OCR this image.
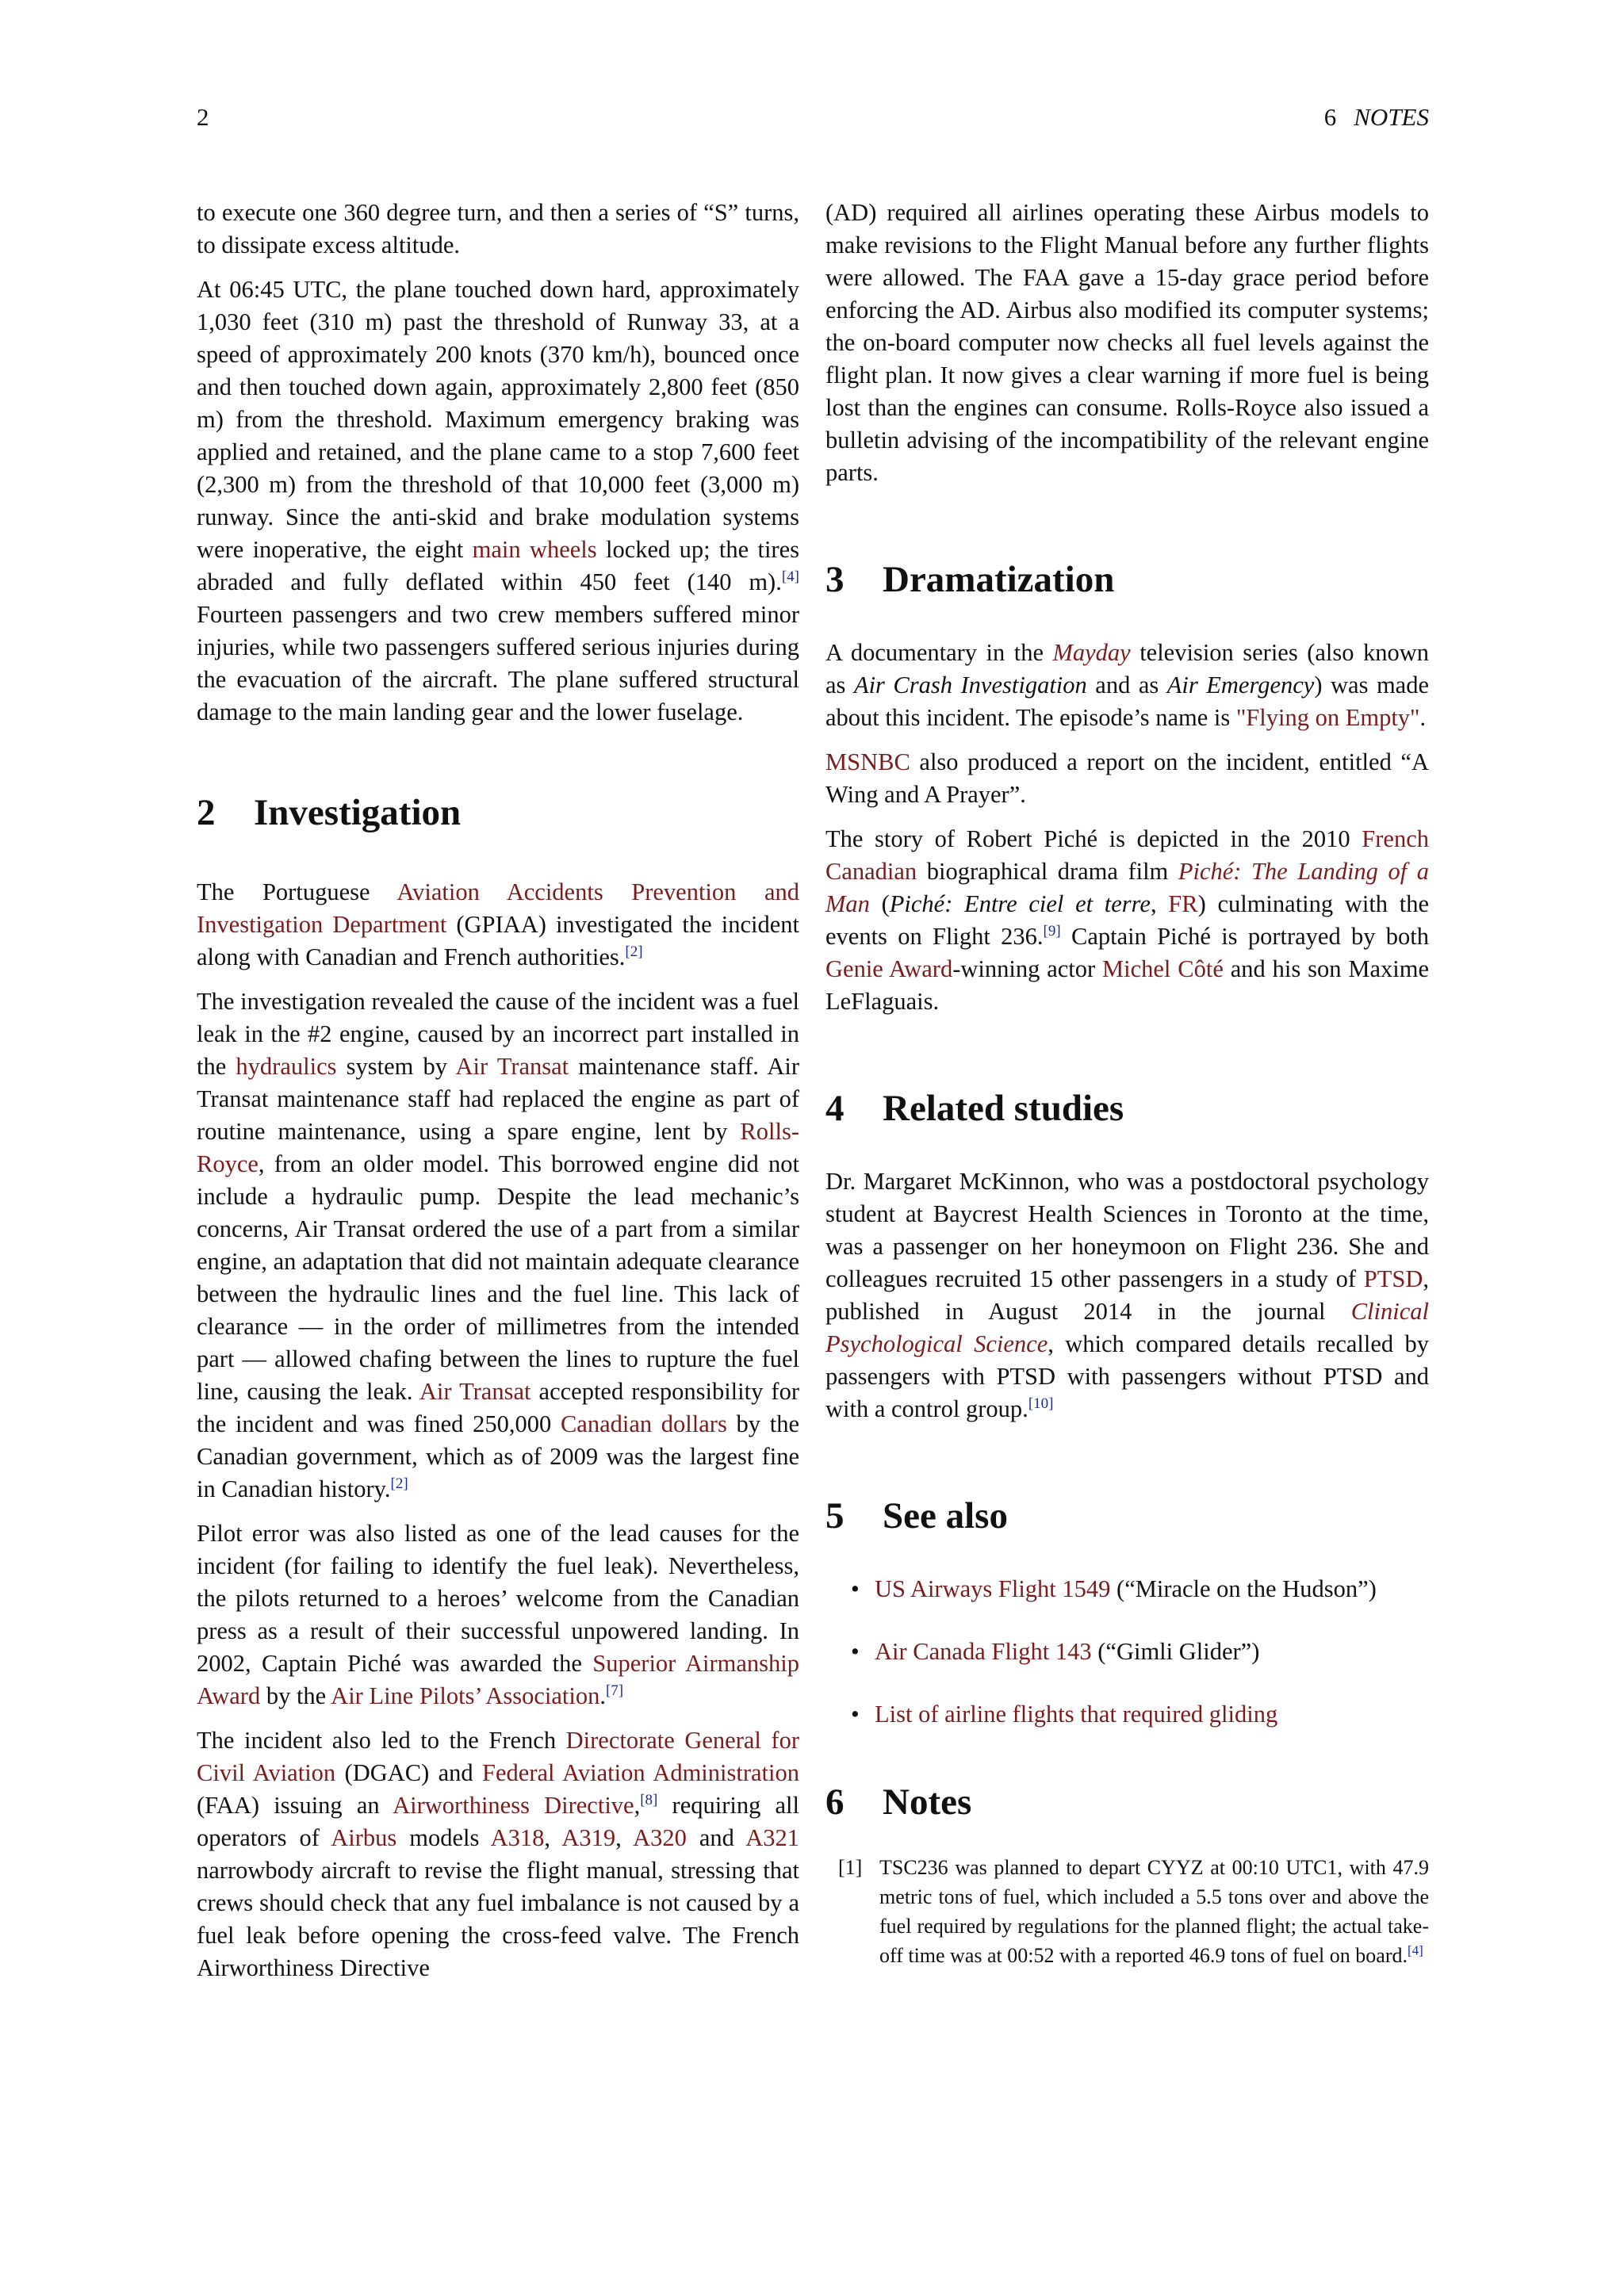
2	6 NOTES

to execute one 360 degree turn, and then a series of “S” turns, to dissipate excess altitude.

At 06:45 UTC, the plane touched down hard, approximately 1,030 feet (310 m) past the threshold of Runway 33, at a speed of approximately 200 knots (370 km/h), bounced once and then touched down again, approximately 2,800 feet (850 m) from the threshold. Maximum emergency braking was applied and retained, and the plane came to a stop 7,600 feet (2,300 m) from the threshold of that 10,000 feet (3,000 m) runway. Since the anti-skid and brake modulation systems were inoperative, the eight main wheels locked up; the tires abraded and fully deflated within 450 feet (140 m).[4] Fourteen passengers and two crew members suffered minor injuries, while two passengers suffered serious injuries during the evacuation of the aircraft. The plane suffered structural damage to the main landing gear and the lower fuselage.

2 Investigation

The Portuguese Aviation Accidents Prevention and Investigation Department (GPIAA) investigated the incident along with Canadian and French authorities.[2]

The investigation revealed the cause of the incident was a fuel leak in the #2 engine, caused by an incorrect part installed in the hydraulics system by Air Transat maintenance staff. Air Transat maintenance staff had replaced the engine as part of routine maintenance, using a spare engine, lent by Rolls-Royce, from an older model. This borrowed engine did not include a hydraulic pump. Despite the lead mechanic’s concerns, Air Transat ordered the use of a part from a similar engine, an adaptation that did not maintain adequate clearance between the hydraulic lines and the fuel line. This lack of clearance — in the order of millimetres from the intended part — allowed chafing between the lines to rupture the fuel line, causing the leak. Air Transat accepted responsibility for the incident and was fined 250,000 Canadian dollars by the Canadian government, which as of 2009 was the largest fine in Canadian history.[2]

Pilot error was also listed as one of the lead causes for the incident (for failing to identify the fuel leak). Nevertheless, the pilots returned to a heroes’ welcome from the Canadian press as a result of their successful unpowered landing. In 2002, Captain Piché was awarded the Superior Airmanship Award by the Air Line Pilots’ Association.[7]

The incident also led to the French Directorate General for Civil Aviation (DGAC) and Federal Aviation Administration (FAA) issuing an Airworthiness Directive,[8] requiring all operators of Airbus models A318, A319, A320 and A321 narrowbody aircraft to revise the flight manual, stressing that crews should check that any fuel imbalance is not caused by a fuel leak before opening the cross-feed valve. The French Airworthiness Directive

(AD) required all airlines operating these Airbus models to make revisions to the Flight Manual before any further flights were allowed. The FAA gave a 15-day grace period before enforcing the AD. Airbus also modified its computer systems; the on-board computer now checks all fuel levels against the flight plan. It now gives a clear warning if more fuel is being lost than the engines can consume. Rolls-Royce also issued a bulletin advising of the incompatibility of the relevant engine parts.

3 Dramatization

A documentary in the Mayday television series (also known as Air Crash Investigation and as Air Emergency) was made about this incident. The episode’s name is "Flying on Empty".

MSNBC also produced a report on the incident, entitled “A Wing and A Prayer”.

The story of Robert Piché is depicted in the 2010 French Canadian biographical drama film Piché: The Landing of a Man (Piché: Entre ciel et terre, FR) culminating with the events on Flight 236.[9] Captain Piché is portrayed by both Genie Award-winning actor Michel Côté and his son Maxime LeFlaguais.

4 Related studies

Dr. Margaret McKinnon, who was a postdoctoral psychology student at Baycrest Health Sciences in Toronto at the time, was a passenger on her honeymoon on Flight 236. She and colleagues recruited 15 other passengers in a study of PTSD, published in August 2014 in the journal Clinical Psychological Science, which compared details recalled by passengers with PTSD with passengers without PTSD and with a control group.[10]

5 See also
• US Airways Flight 1549 (“Miracle on the Hudson”)
• Air Canada Flight 143 (“Gimli Glider”)
• List of airline flights that required gliding
6 Notes
[1] TSC236 was planned to depart CYYZ at 00:10 UTC1, with 47.9 metric tons of fuel, which included a 5.5 tons over and above the fuel required by regulations for the planned flight; the actual take-off time was at 00:52 with a reported 46.9 tons of fuel on board.[4]
